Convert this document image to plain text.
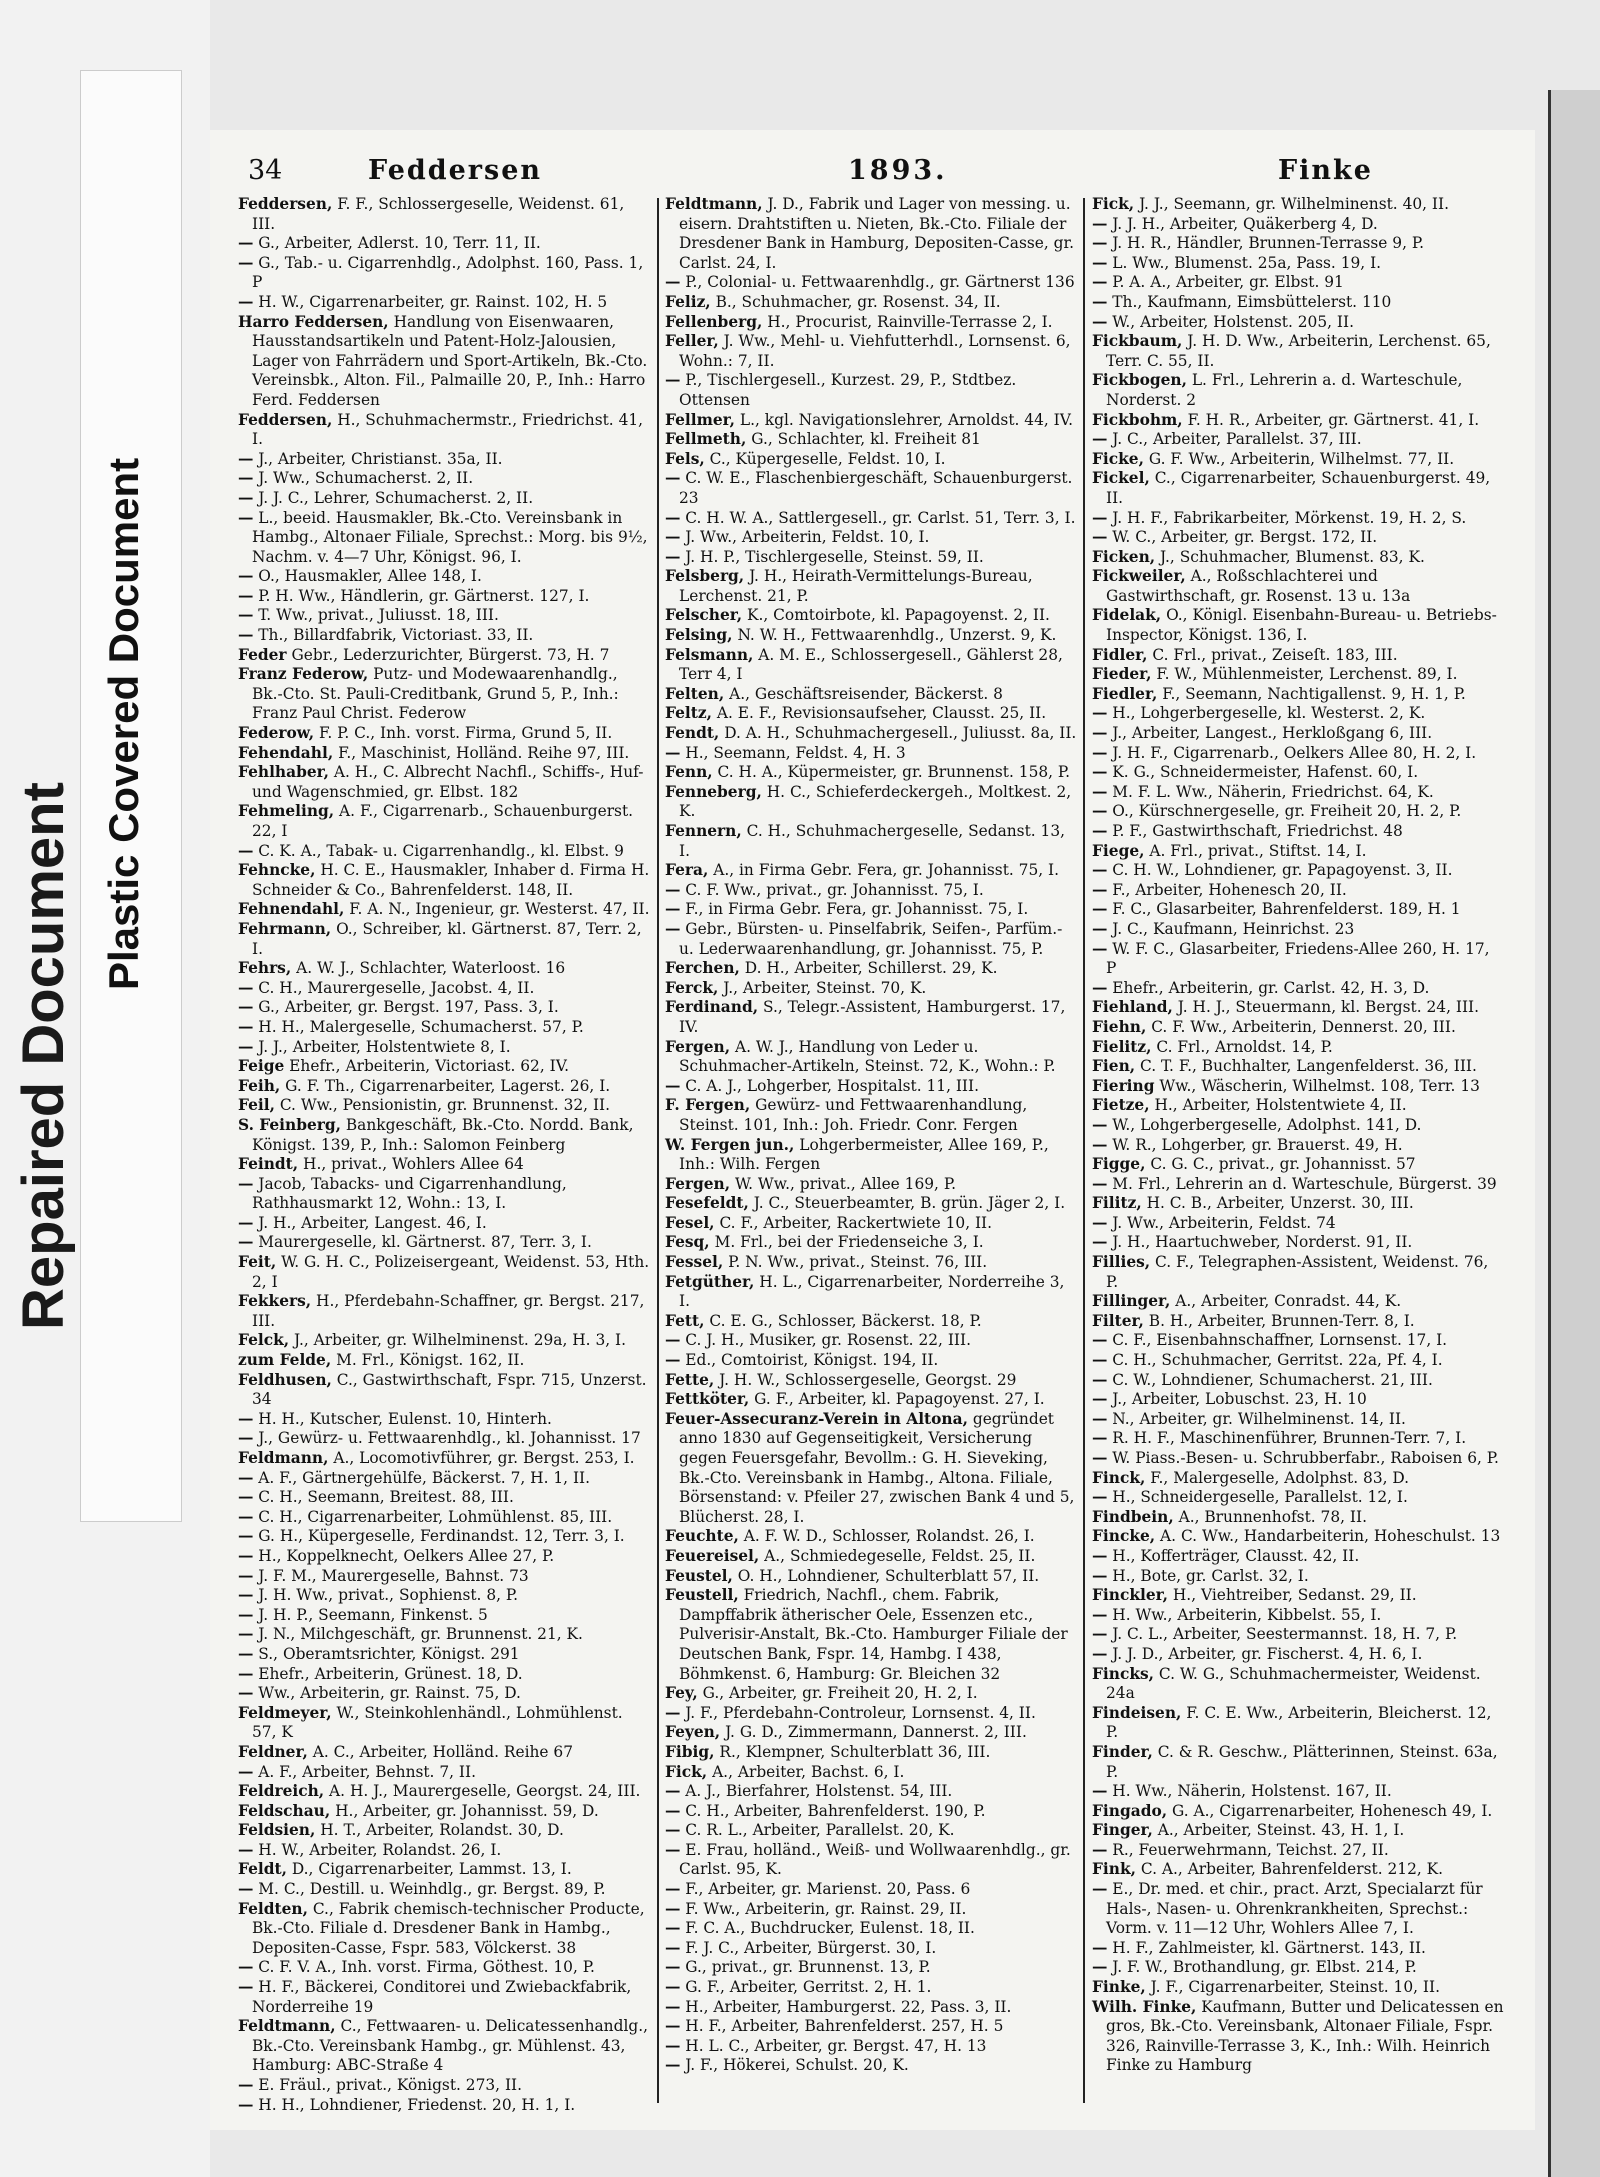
Repaired Document
Plastic Covered Document
34	Feddersen	1893.	Finke

Feddersen, F. F., Schlossergeselle, Weidenst. 61, III.

— G., Arbeiter, Adlerst. 10, Terr. 11, II.

— G., Tab.- u. Cigarrenhdlg., Adolphst. 160, Pass. 1, P

— H. W., Cigarrenarbeiter, gr. Rainst. 102, H. 5

Harro Feddersen, Handlung von Eisenwaaren, Hausstandsartikeln und Patent-Holz-Jalousien, Lager von Fahrrädern und Sport-Artikeln, Bk.-Cto. Vereinsbk., Alton. Fil., Palmaille 20, P., Inh.: Harro Ferd. Feddersen

Feddersen, H., Schuhmachermstr., Friedrichst. 41, I.

— J., Arbeiter, Christianst. 35a, II.

— J. Ww., Schumacherst. 2, II.

— J. J. C., Lehrer, Schumacherst. 2, II.

— L., beeid. Hausmakler, Bk.-Cto. Vereinsbank in Hambg., Altonaer Filiale, Sprechst.: Morg. bis 9½, Nachm. v. 4—7 Uhr, Königst. 96, I.

— O., Hausmakler, Allee 148, I.

— P. H. Ww., Händlerin, gr. Gärtnerst. 127, I.

— T. Ww., privat., Juliusst. 18, III.

— Th., Billardfabrik, Victoriast. 33, II.

Feder Gebr., Lederzurichter, Bürgerst. 73, H. 7

Franz Federow, Putz- und Modewaarenhandlg., Bk.-Cto. St. Pauli-Creditbank, Grund 5, P., Inh.: Franz Paul Christ. Federow

Federow, F. P. C., Inh. vorst. Firma, Grund 5, II.

Fehendahl, F., Maschinist, Holländ. Reihe 97, III.

Fehlhaber, A. H., C. Albrecht Nachfl., Schiffs-, Huf- und Wagenschmied, gr. Elbst. 182

Fehmeling, A. F., Cigarrenarb., Schauenburgerst. 22, I

— C. K. A., Tabak- u. Cigarrenhandlg., kl. Elbst. 9

Fehncke, H. C. E., Hausmakler, Inhaber d. Firma H. Schneider & Co., Bahrenfelderst. 148, II.

Fehnendahl, F. A. N., Ingenieur, gr. Westerst. 47, II.

Fehrmann, O., Schreiber, kl. Gärtnerst. 87, Terr. 2, I.

Fehrs, A. W. J., Schlachter, Waterloost. 16

— C. H., Maurergeselle, Jacobst. 4, II.

— G., Arbeiter, gr. Bergst. 197, Pass. 3, I.

— H. H., Malergeselle, Schumacherst. 57, P.

— J. J., Arbeiter, Holstentwiete 8, I.

Feige Ehefr., Arbeiterin, Victoriast. 62, IV.

Feih, G. F. Th., Cigarrenarbeiter, Lagerst. 26, I.

Feil, C. Ww., Pensionistin, gr. Brunnenst. 32, II.

S. Feinberg, Bankgeschäft, Bk.-Cto. Nordd. Bank, Königst. 139, P., Inh.: Salomon Feinberg

Feindt, H., privat., Wohlers Allee 64

— Jacob, Tabacks- und Cigarrenhandlung, Rathhausmarkt 12, Wohn.: 13, I.

— J. H., Arbeiter, Langest. 46, I.

— Maurergeselle, kl. Gärtnerst. 87, Terr. 3, I.

Feit, W. G. H. C., Polizeisergeant, Weidenst. 53, Hth. 2, I

Fekkers, H., Pferdebahn-Schaffner, gr. Bergst. 217, III.

Felck, J., Arbeiter, gr. Wilhelminenst. 29a, H. 3, I.

zum Felde, M. Frl., Königst. 162, II.

Feldhusen, C., Gastwirthschaft, Fspr. 715, Unzerst. 34

— H. H., Kutscher, Eulenst. 10, Hinterh.

— J., Gewürz- u. Fettwaarenhdlg., kl. Johannisst. 17

Feldmann, A., Locomotivführer, gr. Bergst. 253, I.

— A. F., Gärtnergehülfe, Bäckerst. 7, H. 1, II.

— C. H., Seemann, Breitest. 88, III.

— C. H., Cigarrenarbeiter, Lohmühlenst. 85, III.

— G. H., Küpergeselle, Ferdinandst. 12, Terr. 3, I.

— H., Koppelknecht, Oelkers Allee 27, P.

— J. F. M., Maurergeselle, Bahnst. 73

— J. H. Ww., privat., Sophienst. 8, P.

— J. H. P., Seemann, Finkenst. 5

— J. N., Milchgeschäft, gr. Brunnenst. 21, K.

— S., Oberamtsrichter, Königst. 291

— Ehefr., Arbeiterin, Grünest. 18, D.

— Ww., Arbeiterin, gr. Rainst. 75, D.

Feldmeyer, W., Steinkohlenhändl., Lohmühlenst. 57, K

Feldner, A. C., Arbeiter, Holländ. Reihe 67

— A. F., Arbeiter, Behnst. 7, II.

Feldreich, A. H. J., Maurergeselle, Georgst. 24, III.

Feldschau, H., Arbeiter, gr. Johannisst. 59, D.

Feldsien, H. T., Arbeiter, Rolandst. 30, D.

— H. W., Arbeiter, Rolandst. 26, I.

Feldt, D., Cigarrenarbeiter, Lammst. 13, I.

— M. C., Destill. u. Weinhdlg., gr. Bergst. 89, P.

Feldten, C., Fabrik chemisch-technischer Producte, Bk.-Cto. Filiale d. Dresdener Bank in Hambg., Depositen-Casse, Fspr. 583, Völckerst. 38

— C. F. V. A., Inh. vorst. Firma, Göthest. 10, P.

— H. F., Bäckerei, Conditorei und Zwiebackfabrik, Norderreihe 19

Feldtmann, C., Fettwaaren- u. Delicatessenhandlg., Bk.-Cto. Vereinsbank Hambg., gr. Mühlenst. 43, Hamburg: ABC-Straße 4

— E. Fräul., privat., Königst. 273, II.

— H. H., Lohndiener, Friedenst. 20, H. 1, I.

Feldtmann, J. D., Fabrik und Lager von messing. u. eisern. Drahtstiften u. Nieten, Bk.-Cto. Filiale der Dresdener Bank in Hamburg, Depositen-Casse, gr. Carlst. 24, I.

— P., Colonial- u. Fettwaarenhdlg., gr. Gärtnerst 136

Feliz, B., Schuhmacher, gr. Rosenst. 34, II.

Fellenberg, H., Procurist, Rainville-Terrasse 2, I.

Feller, J. Ww., Mehl- u. Viehfutterhdl., Lornsenst. 6, Wohn.: 7, II.

— P., Tischlergesell., Kurzest. 29, P., Stdtbez. Ottensen

Fellmer, L., kgl. Navigationslehrer, Arnoldst. 44, IV.

Fellmeth, G., Schlachter, kl. Freiheit 81

Fels, C., Küpergeselle, Feldst. 10, I.

— C. W. E., Flaschenbiergeschäft, Schauenburgerst. 23

— C. H. W. A., Sattlergesell., gr. Carlst. 51, Terr. 3, I.

— J. Ww., Arbeiterin, Feldst. 10, I.

— J. H. P., Tischlergeselle, Steinst. 59, II.

Felsberg, J. H., Heirath-Vermittelungs-Bureau, Lerchenst. 21, P.

Felscher, K., Comtoirbote, kl. Papagoyenst. 2, II.

Felsing, N. W. H., Fettwaarenhdlg., Unzerst. 9, K.

Felsmann, A. M. E., Schlossergesell., Gählerst 28, Terr 4, I

Felten, A., Geschäftsreisender, Bäckerst. 8

Feltz, A. E. F., Revisionsaufseher, Clausst. 25, II.

Fendt, D. A. H., Schuhmachergesell., Juliusst. 8a, II.

— H., Seemann, Feldst. 4, H. 3

Fenn, C. H. A., Küpermeister, gr. Brunnenst. 158, P.

Fenneberg, H. C., Schieferdeckergeh., Moltkest. 2, K.

Fennern, C. H., Schuhmachergeselle, Sedanst. 13, I.

Fera, A., in Firma Gebr. Fera, gr. Johannisst. 75, I.

— C. F. Ww., privat., gr. Johannisst. 75, I.

— F., in Firma Gebr. Fera, gr. Johannisst. 75, I.

— Gebr., Bürsten- u. Pinselfabrik, Seifen-, Parfüm.- u. Lederwaarenhandlung, gr. Johannisst. 75, P.

Ferchen, D. H., Arbeiter, Schillerst. 29, K.

Ferck, J., Arbeiter, Steinst. 70, K.

Ferdinand, S., Telegr.-Assistent, Hamburgerst. 17, IV.

Fergen, A. W. J., Handlung von Leder u. Schuhmacher-Artikeln, Steinst. 72, K., Wohn.: P.

— C. A. J., Lohgerber, Hospitalst. 11, III.

F. Fergen, Gewürz- und Fettwaarenhandlung, Steinst. 101, Inh.: Joh. Friedr. Conr. Fergen

W. Fergen jun., Lohgerbermeister, Allee 169, P., Inh.: Wilh. Fergen

Fergen, W. Ww., privat., Allee 169, P.

Fesefeldt, J. C., Steuerbeamter, B. grün. Jäger 2, I.

Fesel, C. F., Arbeiter, Rackertwiete 10, II.

Fesq, M. Frl., bei der Friedenseiche 3, I.

Fessel, P. N. Ww., privat., Steinst. 76, III.

Fetgüther, H. L., Cigarrenarbeiter, Norderreihe 3, I.

Fett, C. E. G., Schlosser, Bäckerst. 18, P.

— C. J. H., Musiker, gr. Rosenst. 22, III.

— Ed., Comtoirist, Königst. 194, II.

Fette, J. H. W., Schlossergeselle, Georgst. 29

Fettköter, G. F., Arbeiter, kl. Papagoyenst. 27, I.

Feuer-Assecuranz-Verein in Altona, gegründet anno 1830 auf Gegenseitigkeit, Versicherung gegen Feuersgefahr, Bevollm.: G. H. Sieveking, Bk.-Cto. Vereinsbank in Hambg., Altona. Filiale, Börsenstand: v. Pfeiler 27, zwischen Bank 4 und 5, Blücherst. 28, I.

Feuchte, A. F. W. D., Schlosser, Rolandst. 26, I.

Feuereisel, A., Schmiedegeselle, Feldst. 25, II.

Feustel, O. H., Lohndiener, Schulterblatt 57, II.

Feustell, Friedrich, Nachfl., chem. Fabrik, Dampffabrik ätherischer Oele, Essenzen etc., Pulverisir-Anstalt, Bk.-Cto. Hamburger Filiale der Deutschen Bank, Fspr. 14, Hambg. I 438, Böhmkenst. 6, Hamburg: Gr. Bleichen 32

Fey, G., Arbeiter, gr. Freiheit 20, H. 2, I.

— J. F., Pferdebahn-Controleur, Lornsenst. 4, II.

Feyen, J. G. D., Zimmermann, Dannerst. 2, III.

Fibig, R., Klempner, Schulterblatt 36, III.

Fick, A., Arbeiter, Bachst. 6, I.

— A. J., Bierfahrer, Holstenst. 54, III.

— C. H., Arbeiter, Bahrenfelderst. 190, P.

— C. R. L., Arbeiter, Parallelst. 20, K.

— E. Frau, holländ., Weiß- und Wollwaarenhdlg., gr. Carlst. 95, K.

— F., Arbeiter, gr. Marienst. 20, Pass. 6

— F. Ww., Arbeiterin, gr. Rainst. 29, II.

— F. C. A., Buchdrucker, Eulenst. 18, II.

— F. J. C., Arbeiter, Bürgerst. 30, I.

— G., privat., gr. Brunnenst. 13, P.

— G. F., Arbeiter, Gerritst. 2, H. 1.

— H., Arbeiter, Hamburgerst. 22, Pass. 3, II.

— H. F., Arbeiter, Bahrenfelderst. 257, H. 5

— H. L. C., Arbeiter, gr. Bergst. 47, H. 13

— J. F., Hökerei, Schulst. 20, K.

Fick, J. J., Seemann, gr. Wilhelminenst. 40, II.

— J. J. H., Arbeiter, Quäkerberg 4, D.

— J. H. R., Händler, Brunnen-Terrasse 9, P.

— L. Ww., Blumenst. 25a, Pass. 19, I.

— P. A. A., Arbeiter, gr. Elbst. 91

— Th., Kaufmann, Eimsbüttelerst. 110

— W., Arbeiter, Holstenst. 205, II.

Fickbaum, J. H. D. Ww., Arbeiterin, Lerchenst. 65, Terr. C. 55, II.

Fickbogen, L. Frl., Lehrerin a. d. Warteschule, Norderst. 2

Fickbohm, F. H. R., Arbeiter, gr. Gärtnerst. 41, I.

— J. C., Arbeiter, Parallelst. 37, III.

Ficke, G. F. Ww., Arbeiterin, Wilhelmst. 77, II.

Fickel, C., Cigarrenarbeiter, Schauenburgerst. 49, II.

— J. H. F., Fabrikarbeiter, Mörkenst. 19, H. 2, S.

— W. C., Arbeiter, gr. Bergst. 172, II.

Ficken, J., Schuhmacher, Blumenst. 83, K.

Fickweiler, A., Roßschlachterei und Gastwirthschaft, gr. Rosenst. 13 u. 13a

Fidelak, O., Königl. Eisenbahn-Bureau- u. Betriebs-Inspector, Königst. 136, I.

Fidler, C. Frl., privat., Zeiseſt. 183, III.

Fieder, F. W., Mühlenmeister, Lerchenst. 89, I.

Fiedler, F., Seemann, Nachtigallenst. 9, H. 1, P.

— H., Lohgerbergeselle, kl. Westerst. 2, K.

— J., Arbeiter, Langest., Herkloßgang 6, III.

— J. H. F., Cigarrenarb., Oelkers Allee 80, H. 2, I.

— K. G., Schneidermeister, Hafenst. 60, I.

— M. F. L. Ww., Näherin, Friedrichst. 64, K.

— O., Kürschnergeselle, gr. Freiheit 20, H. 2, P.

— P. F., Gastwirthschaft, Friedrichst. 48

Fiege, A. Frl., privat., Stiftst. 14, I.

— C. H. W., Lohndiener, gr. Papagoyenst. 3, II.

— F., Arbeiter, Hohenesch 20, II.

— F. C., Glasarbeiter, Bahrenfelderst. 189, H. 1

— J. C., Kaufmann, Heinrichst. 23

— W. F. C., Glasarbeiter, Friedens-Allee 260, H. 17, P

— Ehefr., Arbeiterin, gr. Carlst. 42, H. 3, D.

Fiehland, J. H. J., Steuermann, kl. Bergst. 24, III.

Fiehn, C. F. Ww., Arbeiterin, Dennerst. 20, III.

Fielitz, C. Frl., Arnoldst. 14, P.

Fien, C. T. F., Buchhalter, Langenfelderst. 36, III.

Fiering Ww., Wäscherin, Wilhelmst. 108, Terr. 13

Fietze, H., Arbeiter, Holstentwiete 4, II.

— W., Lohgerbergeselle, Adolphst. 141, D.

— W. R., Lohgerber, gr. Brauerst. 49, H.

Figge, C. G. C., privat., gr. Johannisst. 57

— M. Frl., Lehrerin an d. Warteschule, Bürgerst. 39

Filitz, H. C. B., Arbeiter, Unzerst. 30, III.

— J. Ww., Arbeiterin, Feldst. 74

— J. H., Haartuchweber, Norderst. 91, II.

Fillies, C. F., Telegraphen-Assistent, Weidenst. 76, P.

Fillinger, A., Arbeiter, Conradst. 44, K.

Filter, B. H., Arbeiter, Brunnen-Terr. 8, I.

— C. F., Eisenbahnschaffner, Lornsenst. 17, I.

— C. H., Schuhmacher, Gerritst. 22a, Pf. 4, I.

— C. W., Lohndiener, Schumacherst. 21, III.

— J., Arbeiter, Lobuschst. 23, H. 10

— N., Arbeiter, gr. Wilhelminenst. 14, II.

— R. H. F., Maschinenführer, Brunnen-Terr. 7, I.

— W. Piass.-Besen- u. Schrubberfabr., Raboisen 6, P.

Finck, F., Malergeselle, Adolphst. 83, D.

— H., Schneidergeselle, Parallelst. 12, I.

Findbein, A., Brunnenhofst. 78, II.

Fincke, A. C. Ww., Handarbeiterin, Hoheschulst. 13

— H., Kofferträger, Clausst. 42, II.

— H., Bote, gr. Carlst. 32, I.

Finckler, H., Viehtreiber, Sedanst. 29, II.

— H. Ww., Arbeiterin, Kibbelst. 55, I.

— J. C. L., Arbeiter, Seestermannst. 18, H. 7, P.

— J. J. D., Arbeiter, gr. Fischerst. 4, H. 6, I.

Fincks, C. W. G., Schuhmachermeister, Weidenst. 24a

Findeisen, F. C. E. Ww., Arbeiterin, Bleicherst. 12, P.

Finder, C. & R. Geschw., Plätterinnen, Steinst. 63a, P.

— H. Ww., Näherin, Holstenst. 167, II.

Fingado, G. A., Cigarrenarbeiter, Hohenesch 49, I.

Finger, A., Arbeiter, Steinst. 43, H. 1, I.

— R., Feuerwehrmann, Teichst. 27, II.

Fink, C. A., Arbeiter, Bahrenfelderst. 212, K.

— E., Dr. med. et chir., pract. Arzt, Specialarzt für Hals-, Nasen- u. Ohrenkrankheiten, Sprechst.: Vorm. v. 11—12 Uhr, Wohlers Allee 7, I.

— H. F., Zahlmeister, kl. Gärtnerst. 143, II.

— J. F. W., Brothandlung, gr. Elbst. 214, P.

Finke, J. F., Cigarrenarbeiter, Steinst. 10, II.

Wilh. Finke, Kaufmann, Butter und Delicatessen en gros, Bk.-Cto. Vereinsbank, Altonaer Filiale, Fspr. 326, Rainville-Terrasse 3, K., Inh.: Wilh. Heinrich Finke zu Hamburg
